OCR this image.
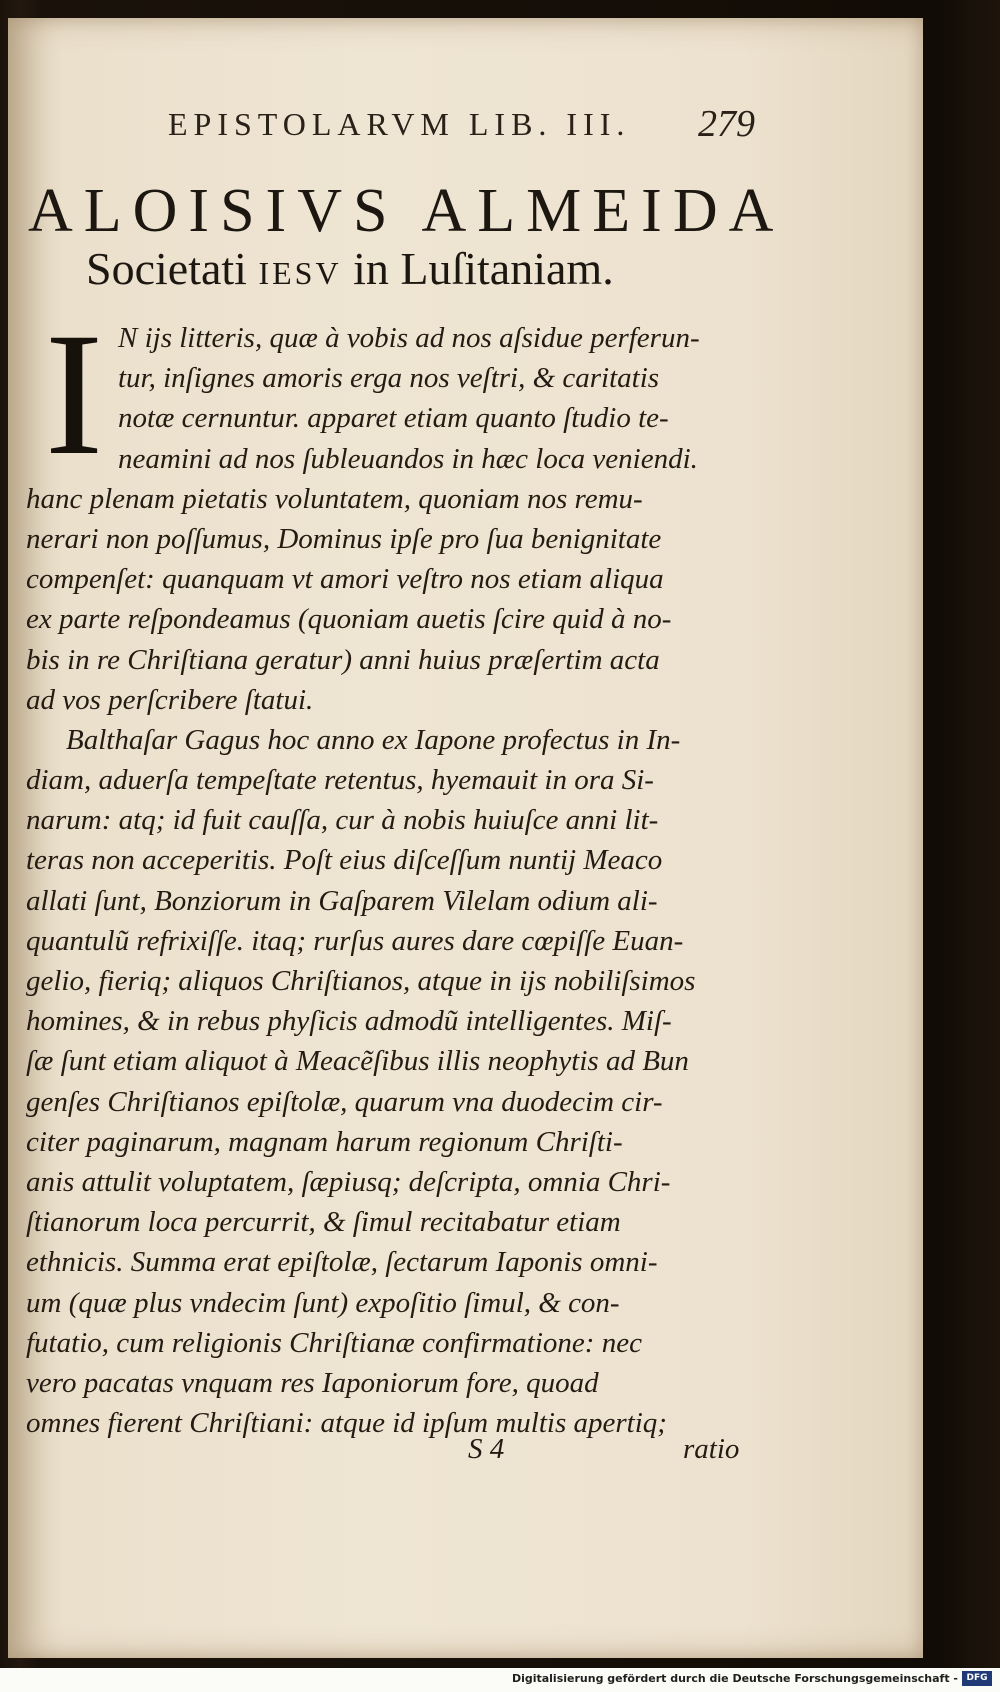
EPISTOLARVM LIB. III.	279
ALOISIVS ALMEIDA
Societati IESV in Luſitaniam.
I N ijs litteris, quæ à vobis ad nos aſsidue perferun-
tur, inſignes amoris erga nos veſtri, & caritatis
notæ cernuntur. apparet etiam quanto ſtudio te-
neamini ad nos ſubleuandos in hæc loca veniendi.
hanc plenam pietatis voluntatem, quoniam nos remu-
nerari non poſſumus, Dominus ipſe pro ſua benignitate
compenſet: quanquam vt amori veſtro nos etiam aliqua
ex parte reſpondeamus (quoniam auetis ſcire quid à no-
bis in re Chriſtiana geratur) anni huius præſertim acta
ad vos perſcribere ſtatui.
Balthaſar Gagus hoc anno ex Iapone profectus in In-
diam, aduerſa tempeſtate retentus, hyemauit in ora Si-
narum: atq; id fuit cauſſa, cur à nobis huiuſce anni lit-
teras non acceperitis. Poſt eius diſceſſum nuntij Meaco
allati ſunt, Bonziorum in Gaſparem Vilelam odium ali-
quantulũ refrixiſſe. itaq; rurſus aures dare cœpiſſe Euan-
gelio, fieriq; aliquos Chriſtianos, atque in ijs nobiliſsimos
homines, & in rebus phyſicis admodũ intelligentes. Miſ-
ſæ ſunt etiam aliquot à Meacẽſibus illis neophytis ad Bun
genſes Chriſtianos epiſtolæ, quarum vna duodecim cir-
citer paginarum, magnam harum regionum Chriſti-
anis attulit voluptatem, ſæpiusq; deſcripta, omnia Chri-
ſtianorum loca percurrit, & ſimul recitabatur etiam
ethnicis. Summa erat epiſtolæ, ſectarum Iaponis omni-
um (quæ plus vndecim ſunt) expoſitio ſimul, & con-
futatio, cum religionis Chriſtianæ confirmatione: nec
vero pacatas vnquam res Iaponiorum fore, quoad
omnes fierent Chriſtiani: atque id ipſum multis apertiq;
S 4	ratio
Digitalisierung gefördert durch die Deutsche Forschungsgemeinschaft - DFG
